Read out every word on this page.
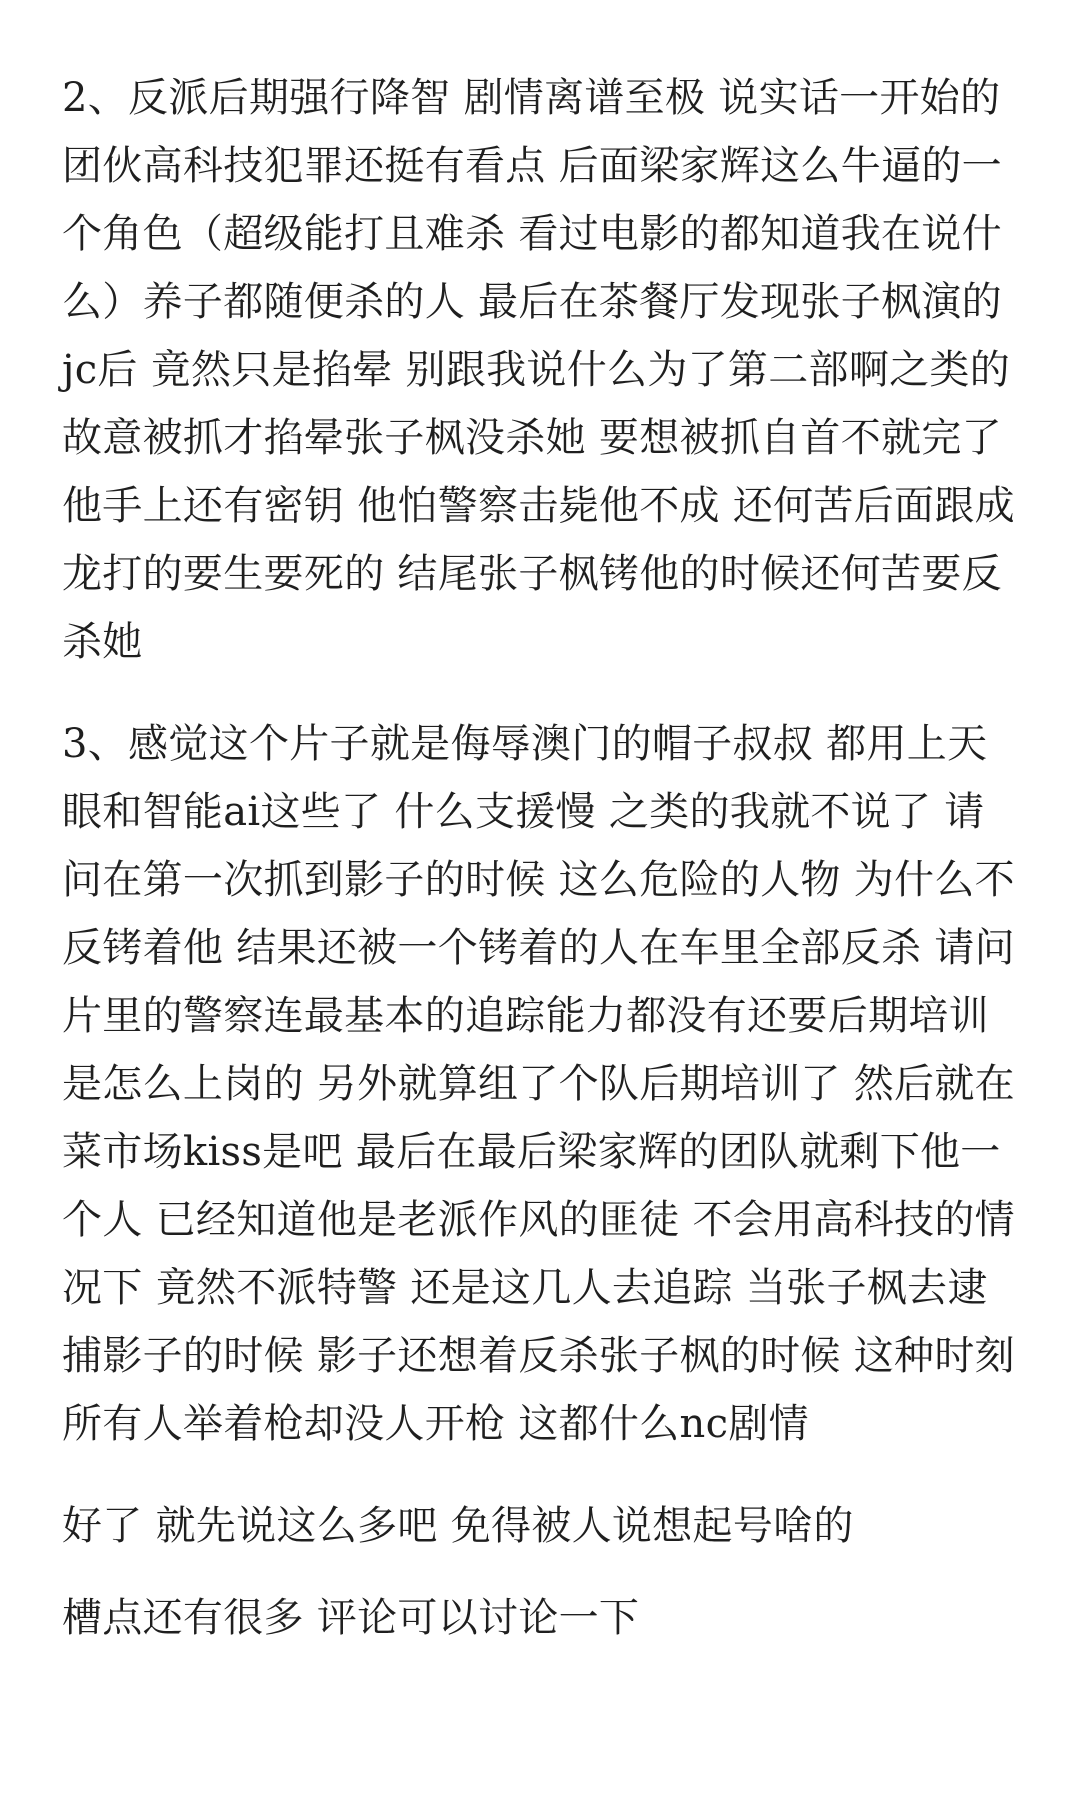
2、反派后期强行降智 剧情离谱至极 说实话一开始的
团伙高科技犯罪还挺有看点 后面梁家辉这么牛逼的一
个角色（超级能打且难杀 看过电影的都知道我在说什
么）养子都随便杀的人 最后在茶餐厅发现张子枫演的
jc后 竟然只是掐晕 别跟我说什么为了第二部啊之类的
故意被抓才掐晕张子枫没杀她 要想被抓自首不就完了
他手上还有密钥 他怕警察击毙他不成 还何苦后面跟成
龙打的要生要死的 结尾张子枫铐他的时候还何苦要反
杀她
3、感觉这个片子就是侮辱澳门的帽子叔叔 都用上天
眼和智能ai这些了 什么支援慢 之类的我就不说了 请
问在第一次抓到影子的时候 这么危险的人物 为什么不
反铐着他 结果还被一个铐着的人在车里全部反杀 请问
片里的警察连最基本的追踪能力都没有还要后期培训
是怎么上岗的 另外就算组了个队后期培训了 然后就在
菜市场kiss是吧 最后在最后梁家辉的团队就剩下他一
个人 已经知道他是老派作风的匪徒 不会用高科技的情
况下 竟然不派特警 还是这几人去追踪 当张子枫去逮
捕影子的时候 影子还想着反杀张子枫的时候 这种时刻
所有人举着枪却没人开枪 这都什么nc剧情
好了 就先说这么多吧 免得被人说想起号啥的
槽点还有很多 评论可以讨论一下
